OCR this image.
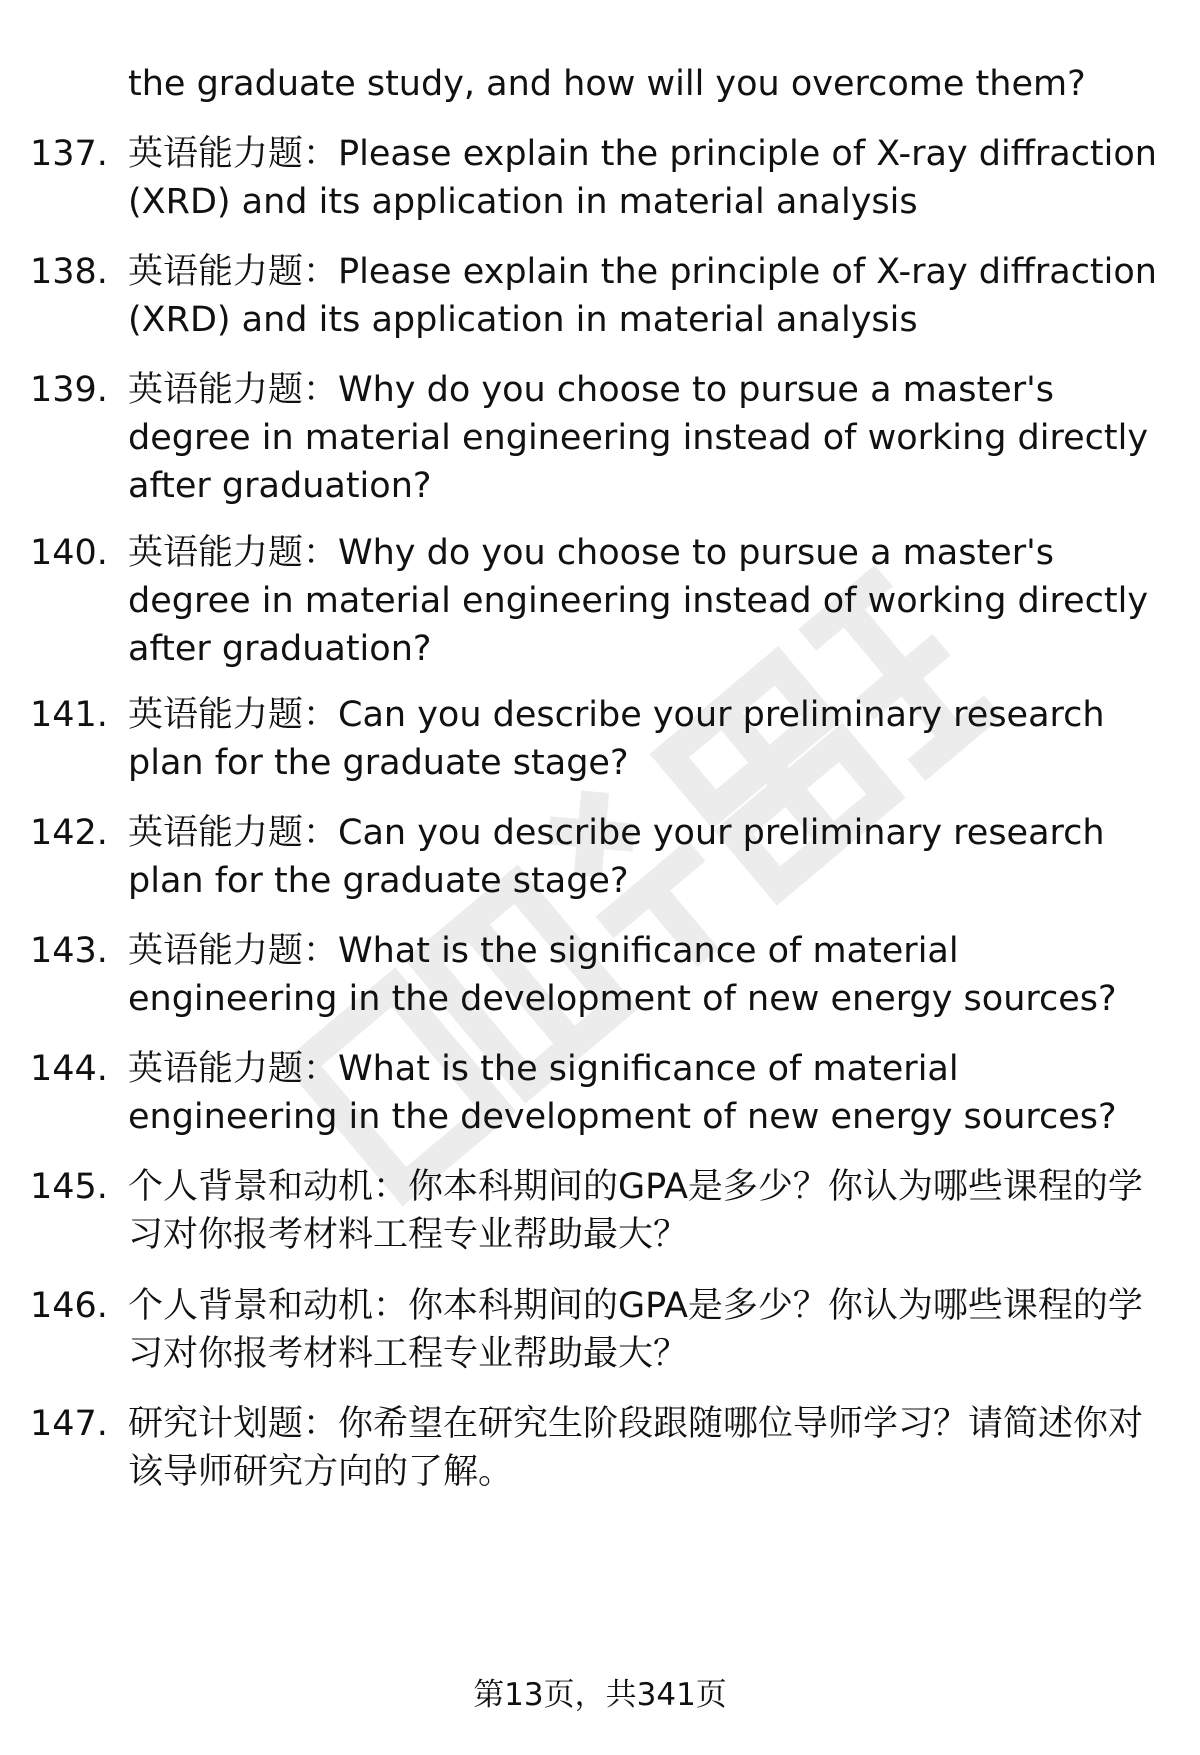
the graduate study, and how will you overcome them?
137. 英语能力题：Please explain the principle of X-ray diffraction (XRD) and its application in material analysis
138. 英语能力题：Please explain the principle of X-ray diffraction (XRD) and its application in material analysis
139. 英语能力题：Why do you choose to pursue a master's degree in material engineering instead of working directly after graduation?
140. 英语能力题：Why do you choose to pursue a master's degree in material engineering instead of working directly after graduation?
141. 英语能力题：Can you describe your preliminary research plan for the graduate stage?
142. 英语能力题：Can you describe your preliminary research plan for the graduate stage?
143. 英语能力题：What is the significance of material engineering in the development of new energy sources?
144. 英语能力题：What is the significance of material engineering in the development of new energy sources?
145. 个人背景和动机：你本科期间的GPA是多少？你认为哪些课程的学习对你报考材料工程专业帮助最大？
146. 个人背景和动机：你本科期间的GPA是多少？你认为哪些课程的学习对你报考材料工程专业帮助最大？
147. 研究计划题：你希望在研究生阶段跟随哪位导师学习？请简述你对该导师研究方向的了解。
第13页，共341页
